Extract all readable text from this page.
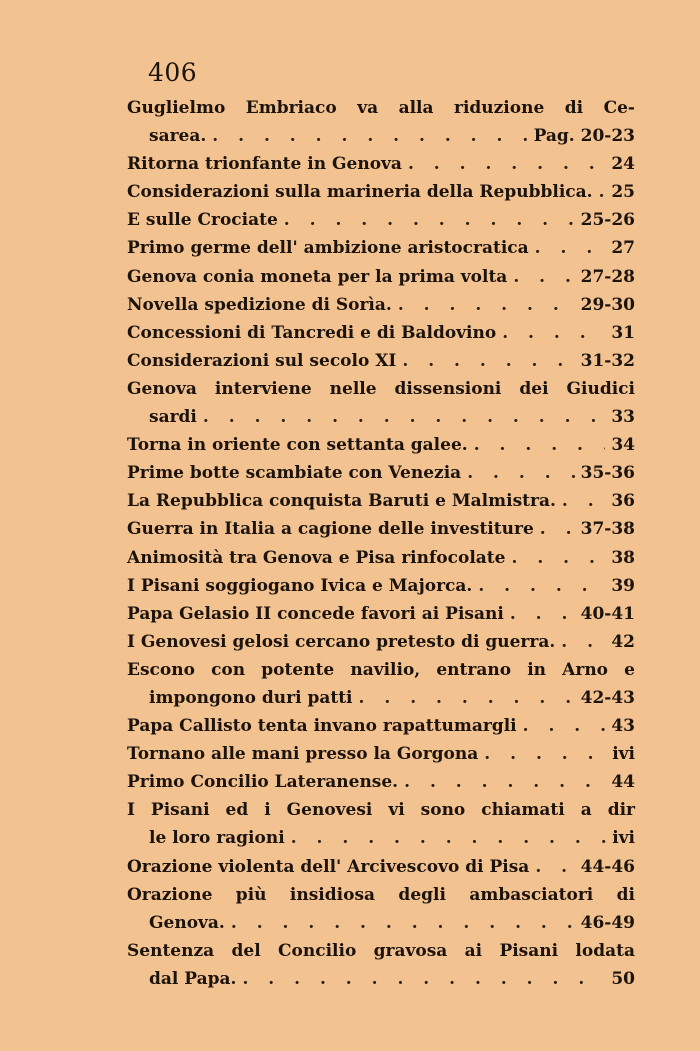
406
Guglielmo Embriaco va alla riduzione di Ce-
sarea. . . .	Pag. 20-23
Ritorna trionfante in Genova . . .	24
Considerazioni sulla marineria della Repubblica. . . . 25
E sulle Crociate . . .	25-26
Primo germe dell' ambizione aristocratica . . .	27
Genova conia moneta per la prima volta . . .	27-28
Novella spedizione di Sorìa. . . .	29-30
Concessioni di Tancredi e di Baldovino . . .	31
Considerazioni sul secolo XI . . .	31-32
Genova interviene nelle dissensioni dei Giudici
sardi . . .	33
Torna in oriente con settanta galee. . . .	34
Prime botte scambiate con Venezia . . .	35-36
La Repubblica conquista Baruti e Malmistra. . . .	36
Guerra in Italia a cagione delle investiture . . .	37-38
Animosità tra Genova e Pisa rinfocolate . . .	38
I Pisani soggiogano Ivica e Majorca. . . .	39
Papa Gelasio II concede favori ai Pisani . . .	40-41
I Genovesi gelosi cercano pretesto di guerra. . . .	42
Escono con potente navilio, entrano in Arno e
impongono duri patti . . .	42-43
Papa Callisto tenta invano rapattumargli . . .	43
Tornano alle mani presso la Gorgona . . .	ivi
Primo Concilio Lateranense. . . .	44
I Pisani ed i Genovesi vi sono chiamati a dir
le loro ragioni . . .	ivi
Orazione violenta dell' Arcivescovo di Pisa . . .	44-46
Orazione più insidiosa degli ambasciatori di
Genova. . . .	46-49
Sentenza del Concilio gravosa ai Pisani lodata
dal Papa. . . .	50
